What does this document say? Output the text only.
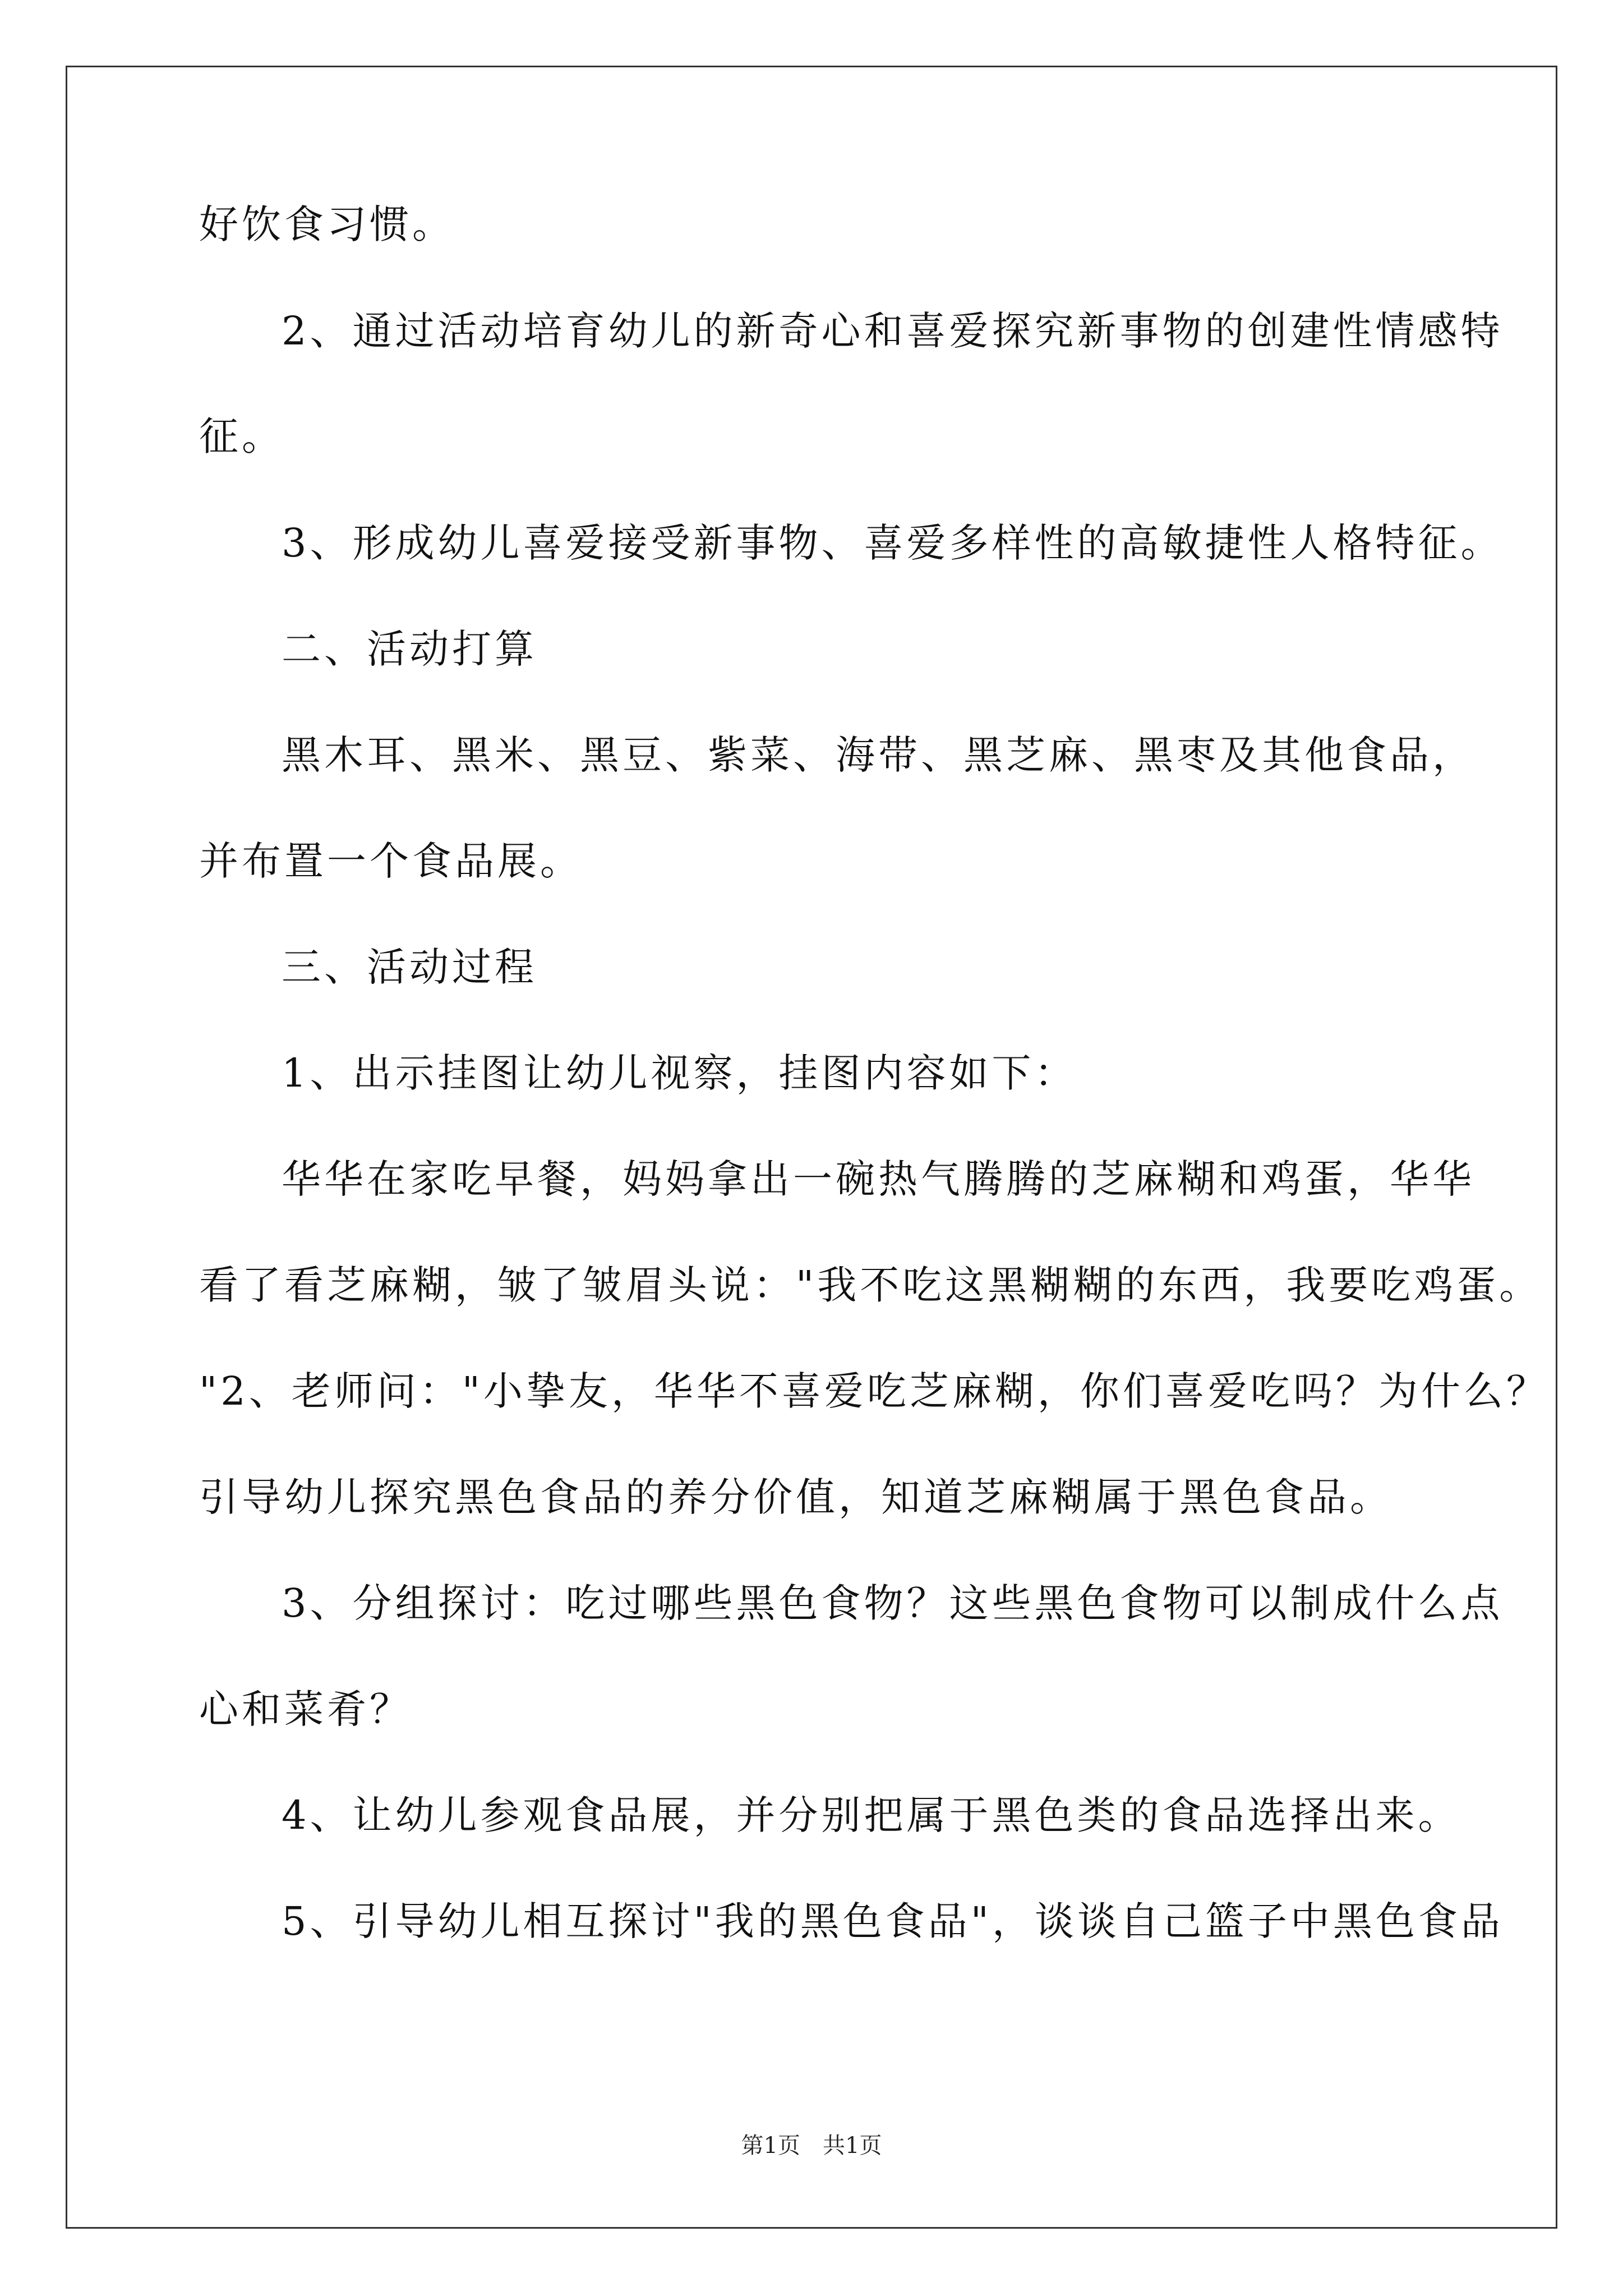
好饮食习惯。
2、通过活动培育幼儿的新奇心和喜爱探究新事物的创建性情感特
征。
3、形成幼儿喜爱接受新事物、喜爱多样性的高敏捷性人格特征。
二、活动打算
黑木耳、黑米、黑豆、紫菜、海带、黑芝麻、黑枣及其他食品，
并布置一个食品展。
三、活动过程
1、出示挂图让幼儿视察，挂图内容如下：
华华在家吃早餐，妈妈拿出一碗热气腾腾的芝麻糊和鸡蛋，华华
看了看芝麻糊，皱了皱眉头说："我不吃这黑糊糊的东西，我要吃鸡蛋。
"2、老师问："小挚友，华华不喜爱吃芝麻糊，你们喜爱吃吗？为什么？
引导幼儿探究黑色食品的养分价值，知道芝麻糊属于黑色食品。
3、分组探讨：吃过哪些黑色食物？这些黑色食物可以制成什么点
心和菜肴？
4、让幼儿参观食品展，并分别把属于黑色类的食品选择出来。
5、引导幼儿相互探讨"我的黑色食品"，谈谈自己篮子中黑色食品
第1页　共1页
